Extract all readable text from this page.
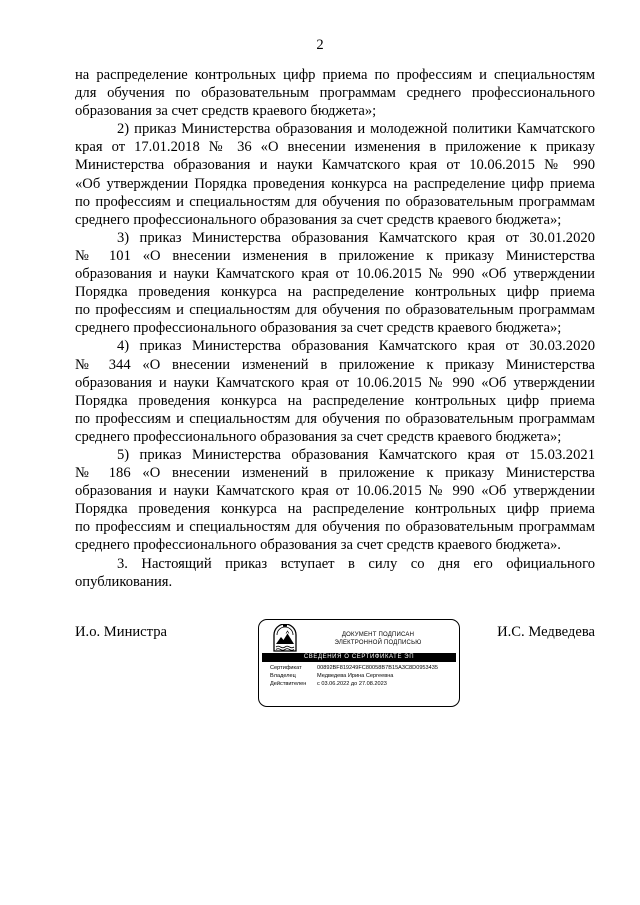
2
на распределение контрольных цифр приема по профессиям и специальностям
для обучения по образовательным программам среднего профессионального
образования за счет средств краевого бюджета»;
2) приказ Министерства образования и молодежной политики Камчатского
края от 17.01.2018 № 36 «О внесении изменения в приложение к приказу
Министерства образования и науки Камчатского края от 10.06.2015 № 990
«Об утверждении Порядка проведения конкурса на распределение цифр приема
по профессиям и специальностям для обучения по образовательным программам
среднего профессионального образования за счет средств краевого бюджета»;
3) приказ Министерства образования Камчатского края от 30.01.2020
№ 101 «О внесении изменения в приложение к приказу Министерства
образования и науки Камчатского края от 10.06.2015 № 990 «Об утверждении
Порядка проведения конкурса на распределение контрольных цифр приема
по профессиям и специальностям для обучения по образовательным программам
среднего профессионального образования за счет средств краевого бюджета»;
4) приказ Министерства образования Камчатского края от 30.03.2020
№ 344 «О внесении изменений в приложение к приказу Министерства
образования и науки Камчатского края от 10.06.2015 № 990 «Об утверждении
Порядка проведения конкурса на распределение контрольных цифр приема
по профессиям и специальностям для обучения по образовательным программам
среднего профессионального образования за счет средств краевого бюджета»;
5) приказ Министерства образования Камчатского края от 15.03.2021
№ 186 «О внесении изменений в приложение к приказу Министерства
образования и науки Камчатского края от 10.06.2015 № 990 «Об утверждении
Порядка проведения конкурса на распределение контрольных цифр приема
по профессиям и специальностям для обучения по образовательным программам
среднего профессионального образования за счет средств краевого бюджета».
3. Настоящий приказ вступает в силу со дня его официального
опубликования.
И.о. Министра	И.С. Медведева
ДОКУМЕНТ ПОДПИСАН
ЭЛЕКТРОННОЙ ПОДПИСЬЮ
СВЕДЕНИЯ О СЕРТИФИКАТЕ ЭП
Сертификат	00892BF819249FC80058B7B15A3C8D0953435
Владелец	Медведева Ирина Сергеевна
Действителен	с 03.06.2022 до 27.08.2023
